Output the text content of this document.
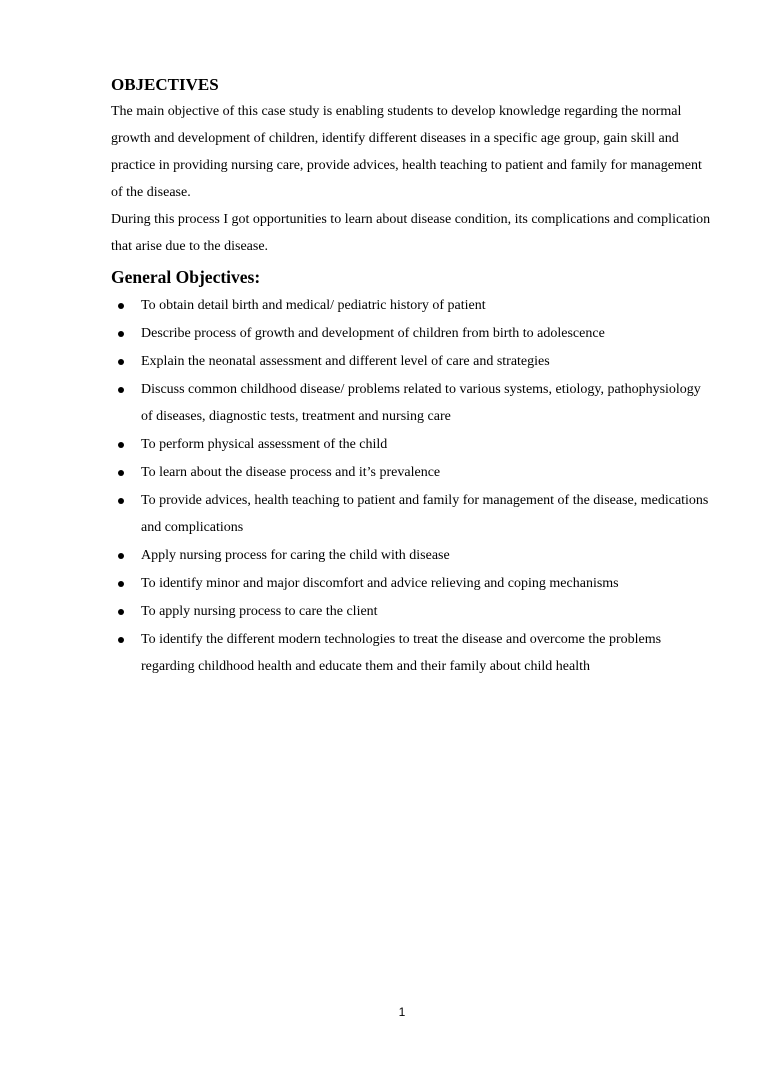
OBJECTIVES

The main objective of this case study is enabling students to develop knowledge regarding the normal growth and development of children, identify different diseases in a specific age group, gain skill and practice in providing nursing care, provide advices, health teaching to patient and family for management of the disease.

During this process I got opportunities to learn about disease condition, its complications and complication that arise due to the disease.

General Objectives:
To obtain detail birth and medical/ pediatric history of patient
Describe process of growth and development of children from birth to adolescence
Explain the neonatal assessment and different level of care and strategies
Discuss common childhood disease/ problems related to various systems, etiology, pathophysiology of diseases, diagnostic tests, treatment and nursing care
To perform physical assessment of the child
To learn about the disease process and it’s prevalence
To provide advices, health teaching to patient and family for management of the disease, medications and complications
Apply nursing process for caring the child with disease
To identify minor and major discomfort and advice relieving and coping mechanisms
To apply nursing process to care the client
To identify the different modern technologies to treat the disease and overcome the problems regarding childhood health and educate them and their family about child health
1
